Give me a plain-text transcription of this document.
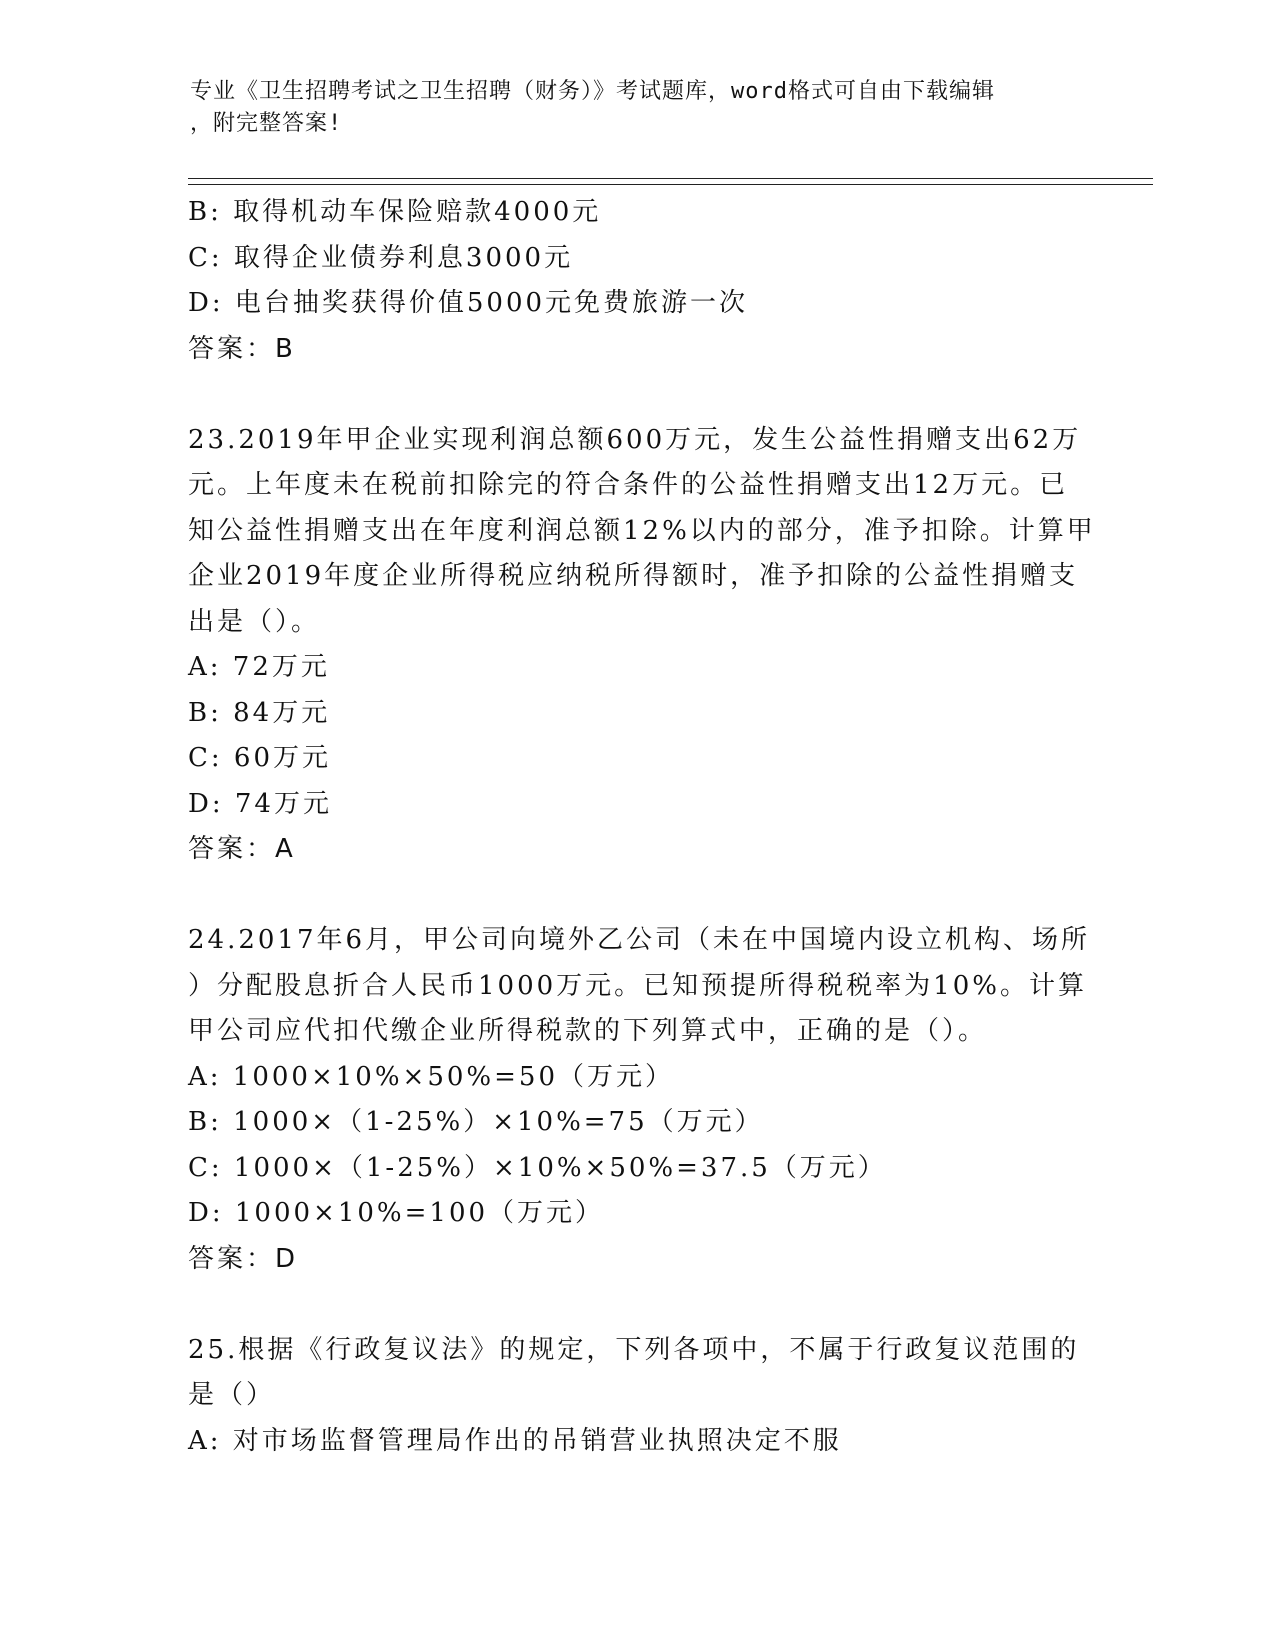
专业《卫生招聘考试之卫生招聘（财务）》考试题库，word格式可自由下载编辑
，附完整答案!
B: 取得机动车保险赔款4000元
C: 取得企业债券利息3000元
D: 电台抽奖获得价值5000元免费旅游一次
答案：B
23.2019年甲企业实现利润总额600万元，发生公益性捐赠支出62万
元。上年度未在税前扣除完的符合条件的公益性捐赠支出12万元。已
知公益性捐赠支出在年度利润总额12%以内的部分，准予扣除。计算甲
企业2019年度企业所得税应纳税所得额时，准予扣除的公益性捐赠支
出是（）。
A: 72万元
B: 84万元
C: 60万元
D: 74万元
答案：A
24.2017年6月，甲公司向境外乙公司（未在中国境内设立机构、场所
）分配股息折合人民币1000万元。已知预提所得税税率为10%。计算
甲公司应代扣代缴企业所得税款的下列算式中，正确的是（）。
A: 1000×10%×50%=50（万元）
B: 1000×（1-25%）×10%=75（万元）
C: 1000×（1-25%）×10%×50%=37.5（万元）
D: 1000×10%=100（万元）
答案：D
25.根据《行政复议法》的规定，下列各项中，不属于行政复议范围的
是（）
A: 对市场监督管理局作出的吊销营业执照决定不服
